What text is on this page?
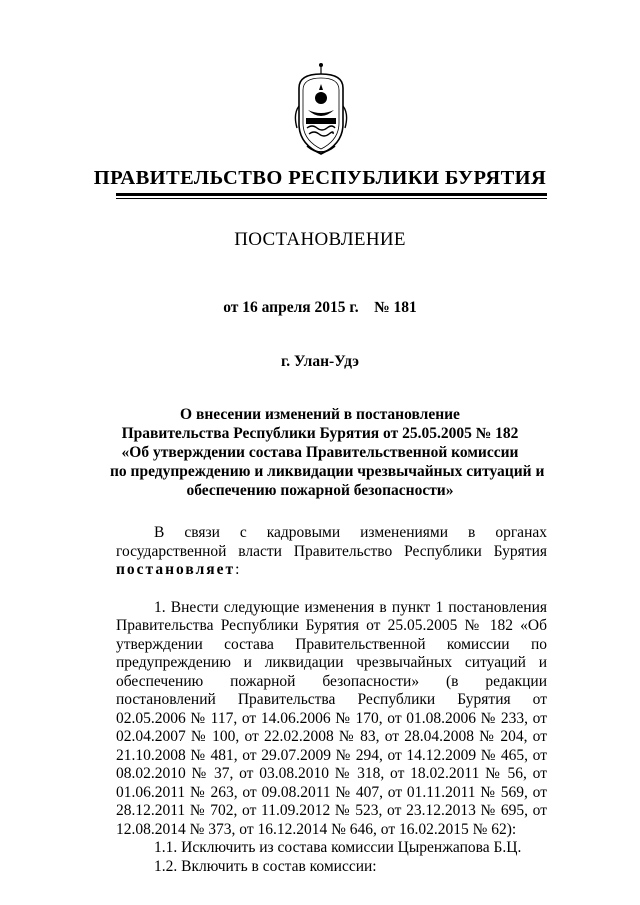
ПРАВИТЕЛЬСТВО РЕСПУБЛИКИ БУРЯТИЯ
ПОСТАНОВЛЕНИЕ
от 16 апреля 2015 г.    № 181
г. Улан-Удэ
О внесении изменений в постановление
Правительства Республики Бурятия от 25.05.2005 № 182
«Об утверждении состава Правительственной комиссии
по предупреждению и ликвидации чрезвычайных ситуаций и
обеспечению пожарной безопасности»

В связи с кадровыми изменениями в органах государственной власти Правительство Республики Бурятия постановляет:

1. Внести следующие изменения в пункт 1 постановления Правительства Республики Бурятия от 25.05.2005 № 182 «Об утверждении состава Правительственной комиссии по предупреждению и ликвидации чрезвычайных ситуаций и обеспечению пожарной безопасности» (в редакции постановлений Правительства Республики Бурятия от 02.05.2006 № 117, от 14.06.2006 № 170, от 01.08.2006 № 233, от 02.04.2007 № 100, от 22.02.2008 № 83, от 28.04.2008 № 204, от 21.10.2008 № 481, от 29.07.2009 № 294, от 14.12.2009 № 465, от 08.02.2010 № 37, от 03.08.2010 № 318, от 18.02.2011 № 56, от 01.06.2011 № 263, от 09.08.2011 № 407, от 01.11.2011 № 569, от 28.12.2011 № 702, от 11.09.2012 № 523, от 23.12.2013 № 695, от 12.08.2014 № 373, от 16.12.2014 № 646, от 16.02.2015 № 62):

1.1. Исключить из состава комиссии Цыренжапова Б.Ц.

1.2. Включить в состав комиссии:
